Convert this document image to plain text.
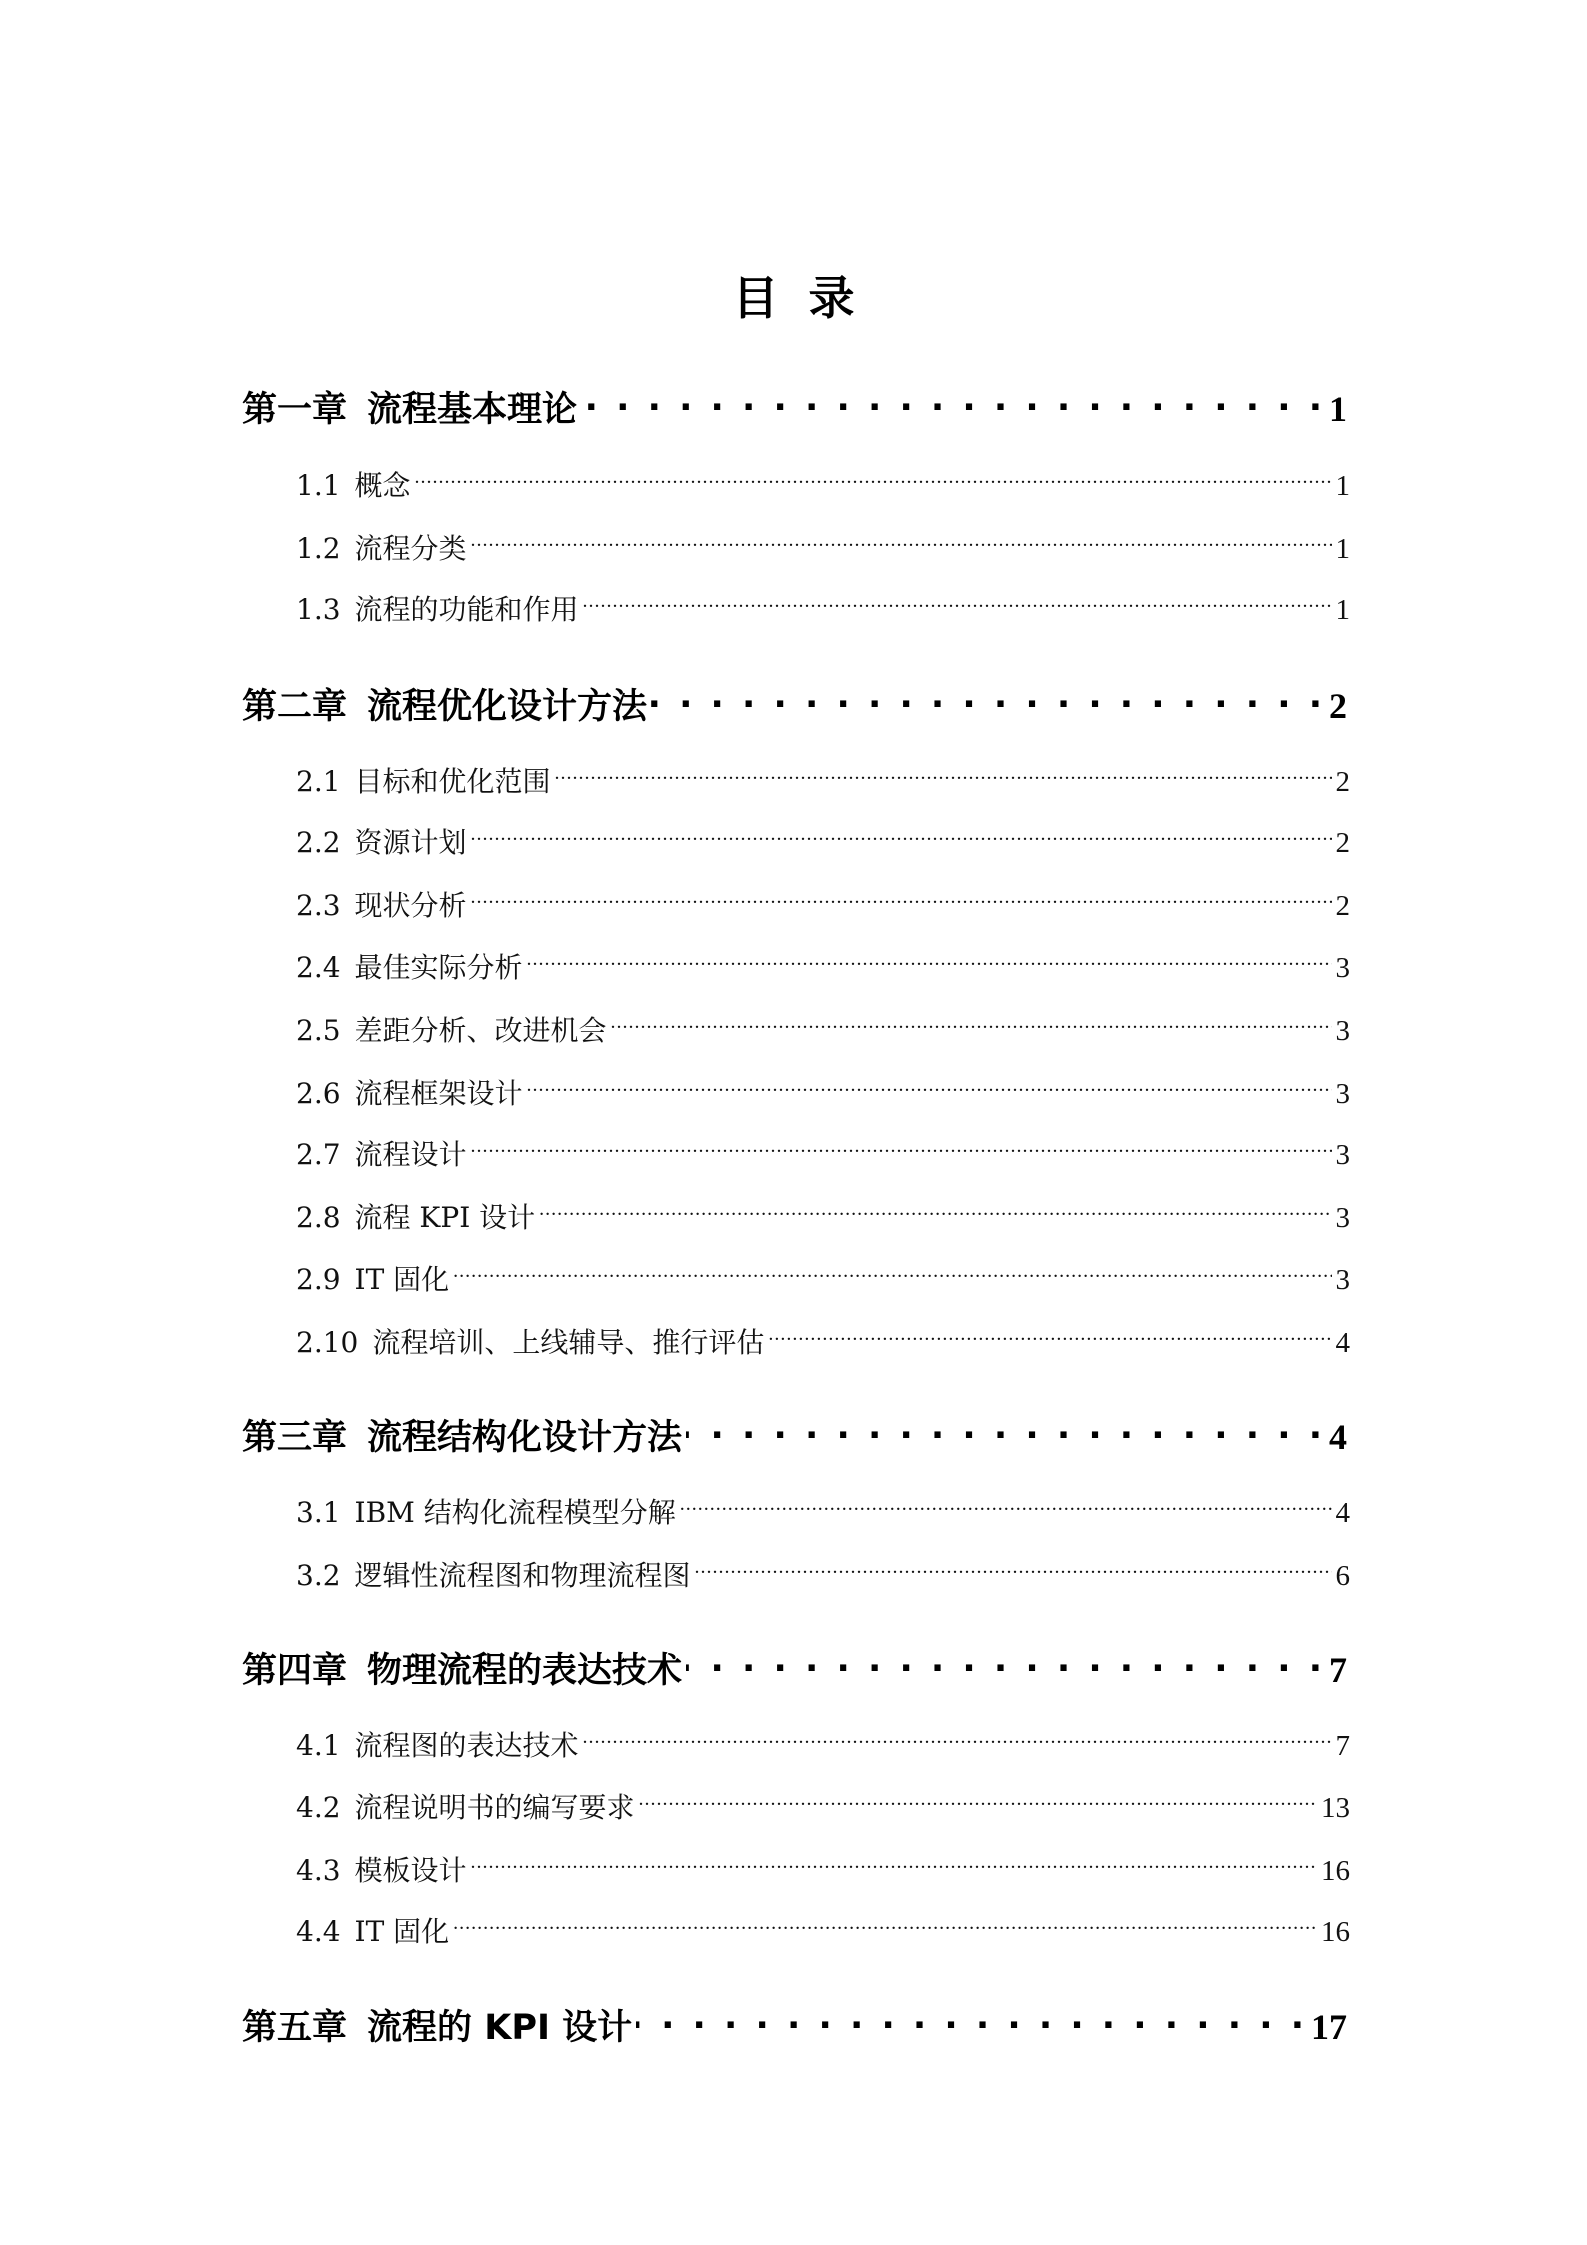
目录
第一章 流程基本理论 . . .	1
1.1 概念 .....	1
1.2 流程分类 .....	1
1.3 流程的功能和作用 .....	1
第二章 流程优化设计方法 . . .	2
2.1 目标和优化范围 .....	2
2.2 资源计划 .....	2
2.3 现状分析 .....	2
2.4 最佳实际分析 .....	3
2.5 差距分析、改进机会 .....	3
2.6 流程框架设计 .....	3
2.7 流程设计 .....	3
2.8 流程 KPI 设计 .....	3
2.9 IT 固化 .....	3
2.10 流程培训、上线辅导、推行评估 .....	4
第三章 流程结构化设计方法 . . .	4
3.1 IBM 结构化流程模型分解 .....	4
3.2 逻辑性流程图和物理流程图 .....	6
第四章 物理流程的表达技术 . . .	7
4.1 流程图的表达技术 .....	7
4.2 流程说明书的编写要求 .....	13
4.3 模板设计 .....	16
4.4 IT 固化 .....	16
第五章 流程的 KPI 设计 . . .	17
